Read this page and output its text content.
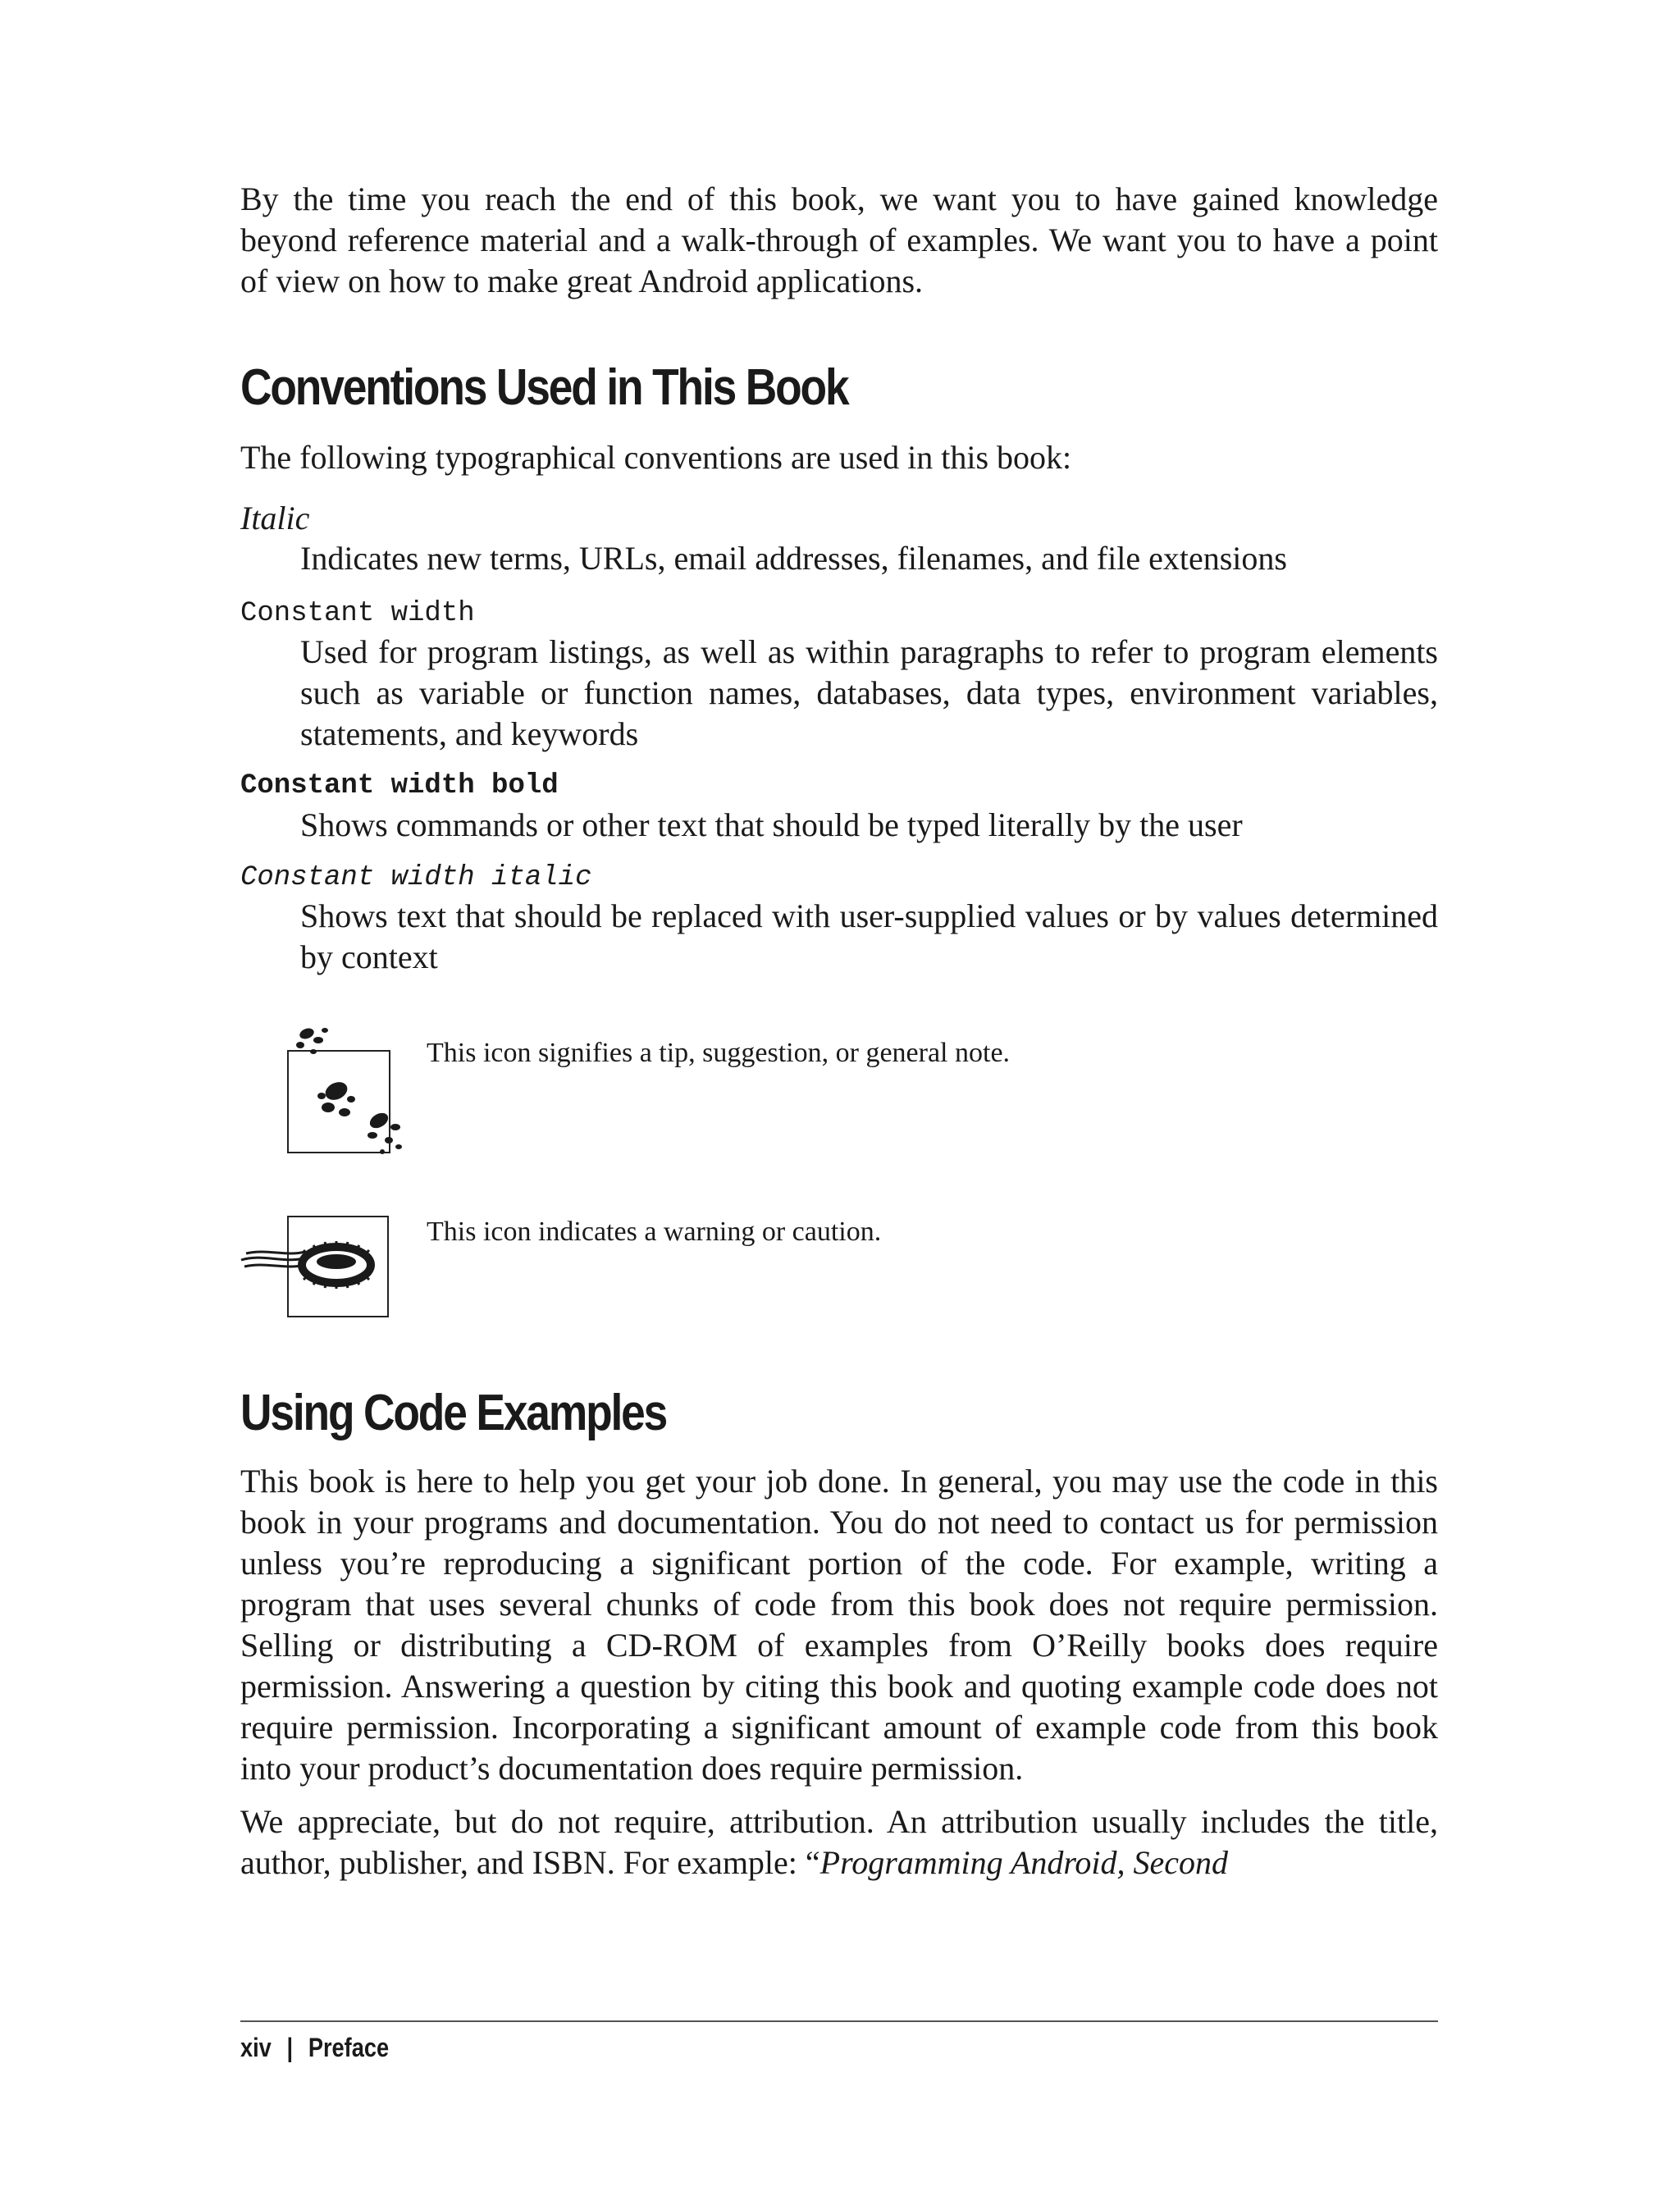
By the time you reach the end of this book, we want you to have gained knowledge beyond reference material and a walk-through of examples. We want you to have a point of view on how to make great Android applications.

Conventions Used in This Book

The following typographical conventions are used in this book:

Italic
Indicates new terms, URLs, email addresses, filenames, and file extensions
Constant width
Used for program listings, as well as within paragraphs to refer to program elements such as variable or function names, databases, data types, environment variables, statements, and keywords
Constant width bold
Shows commands or other text that should be typed literally by the user
Constant width italic
Shows text that should be replaced with user-supplied values or by values determined by context
This icon signifies a tip, suggestion, or general note.
This icon indicates a warning or caution.
Using Code Examples

This book is here to help you get your job done. In general, you may use the code in this book in your programs and documentation. You do not need to contact us for permission unless you’re reproducing a significant portion of the code. For example, writing a program that uses several chunks of code from this book does not require permission. Selling or distributing a CD-ROM of examples from O’Reilly books does require permission. Answering a question by citing this book and quoting example code does not require permission. Incorporating a significant amount of example code from this book into your product’s documentation does require permission.

We appreciate, but do not require, attribution. An attribution usually includes the title, author, publisher, and ISBN. For example: “Programming Android, Second

xiv | Preface
